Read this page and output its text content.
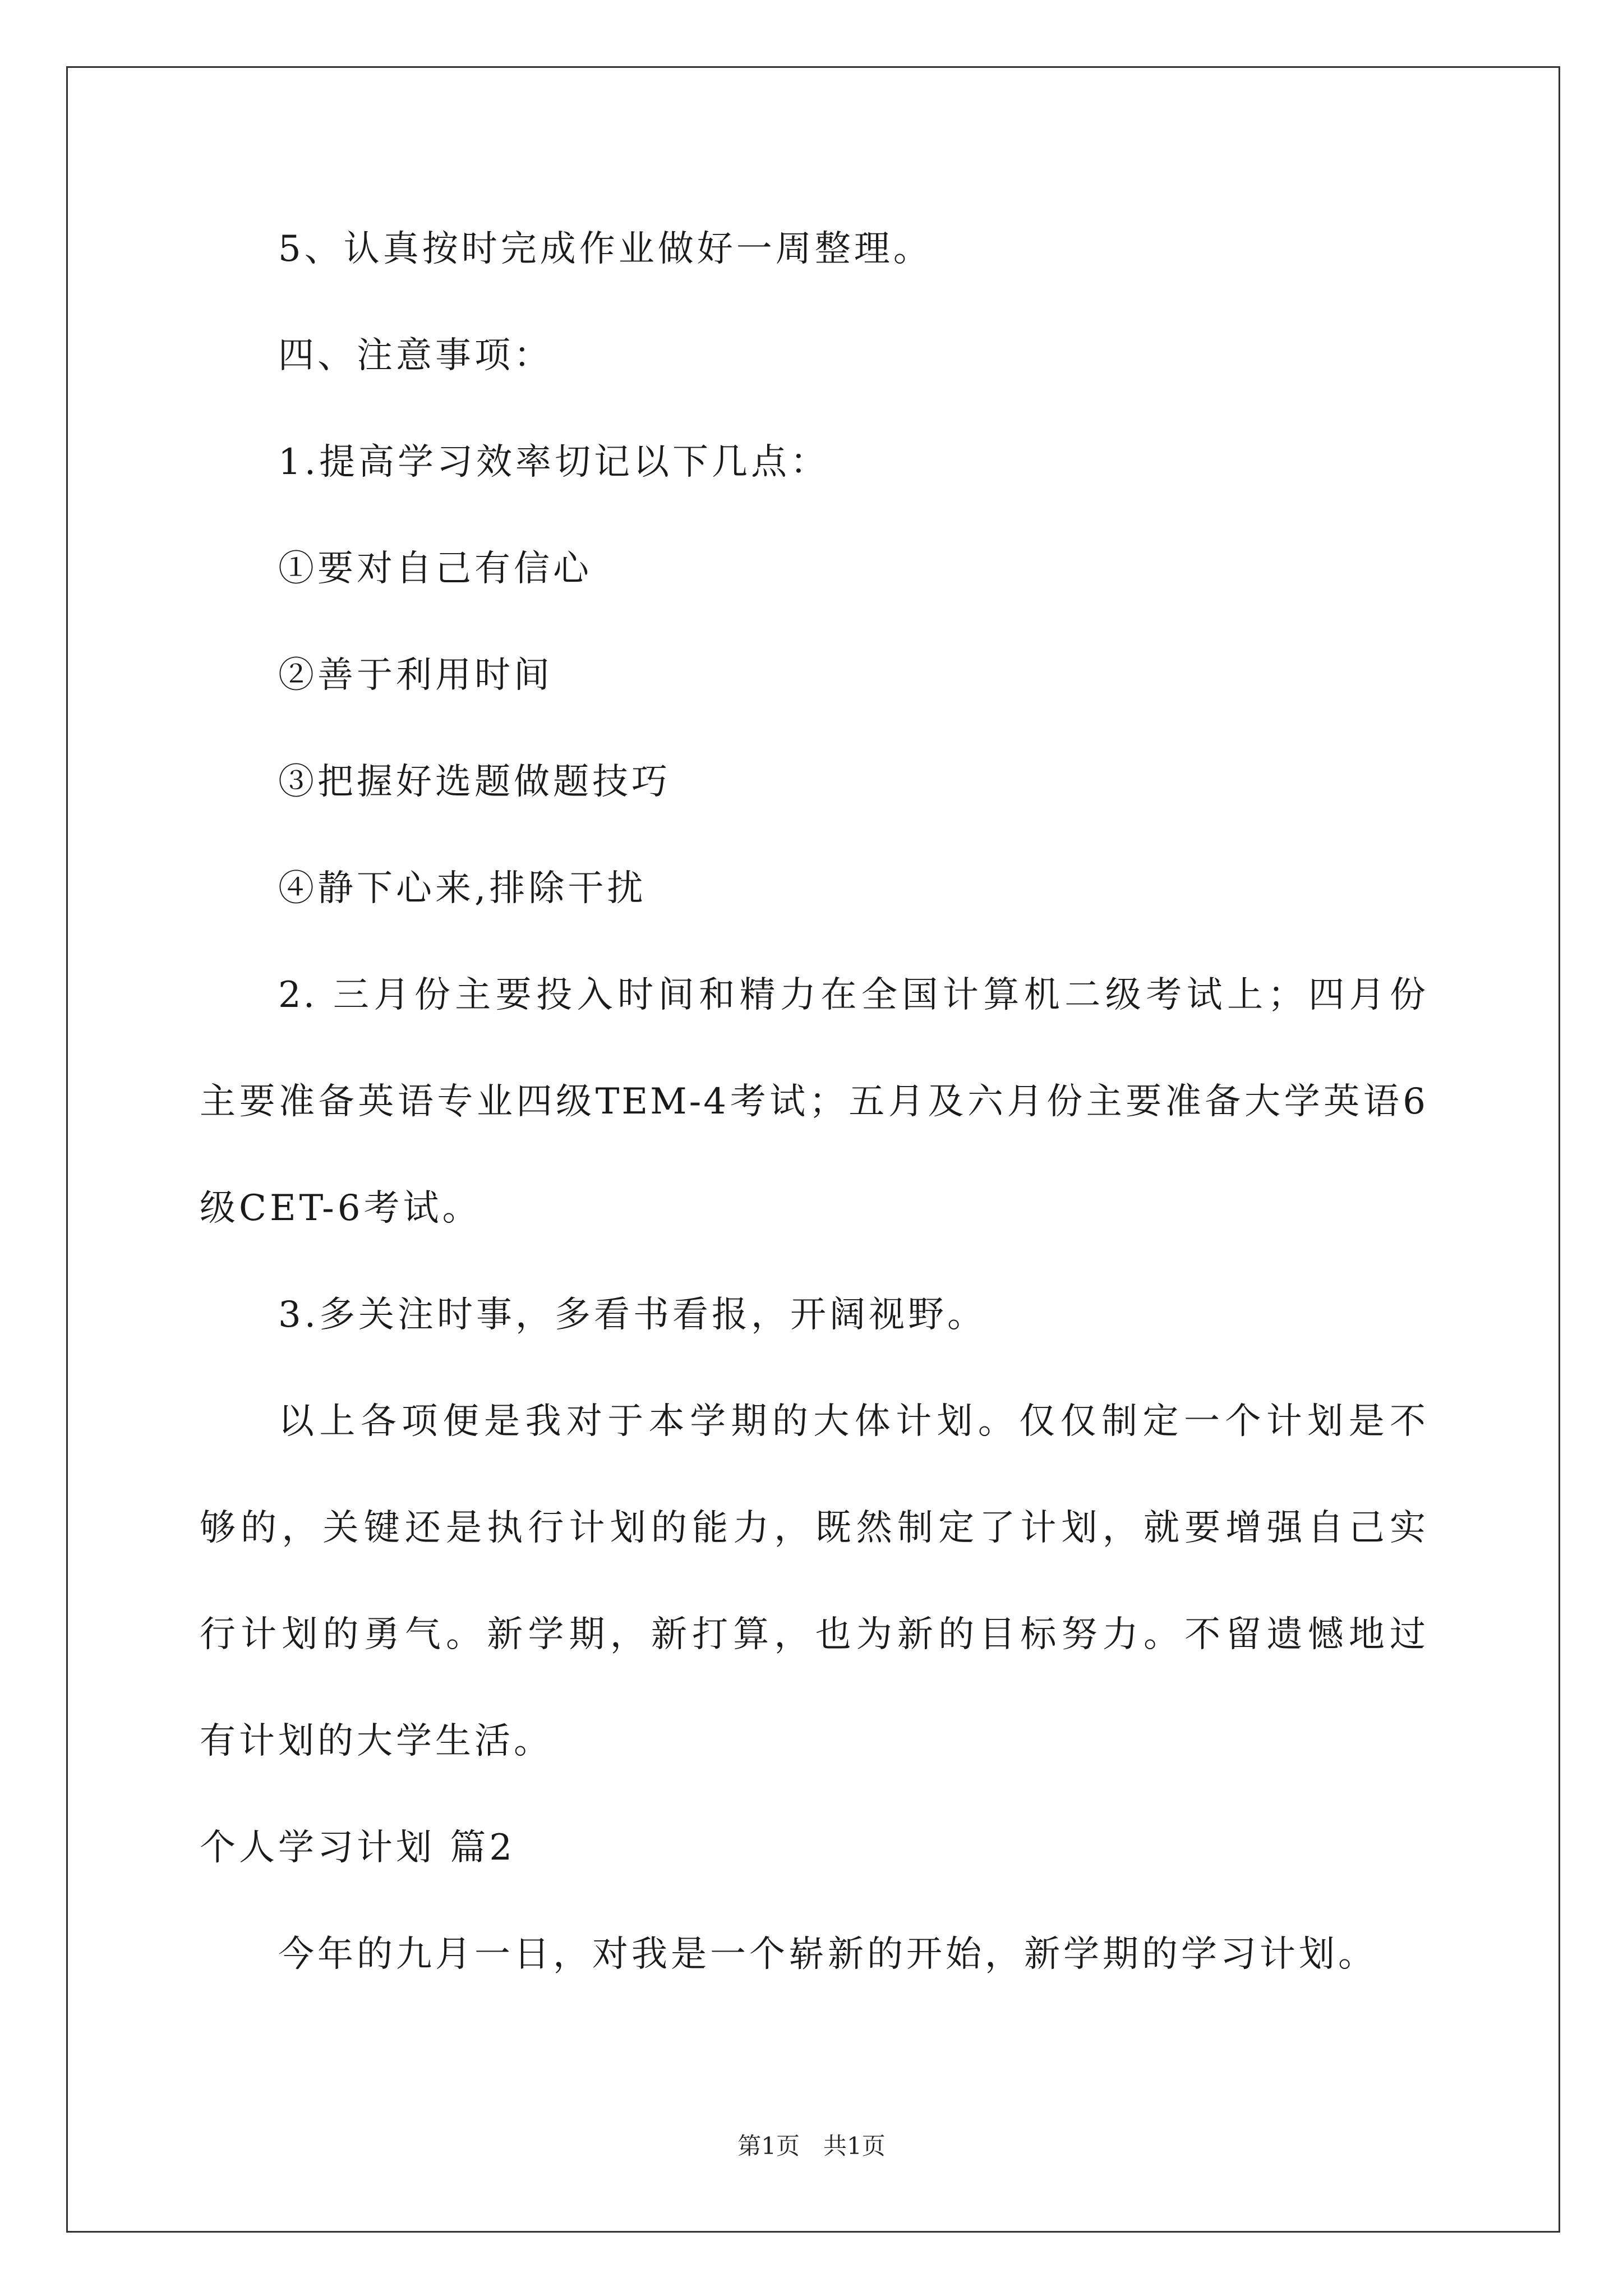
5、认真按时完成作业做好一周整理。

四、注意事项：

1.提高学习效率切记以下几点：

①要对自己有信心

②善于利用时间

③把握好选题做题技巧

④静下心来,排除干扰

2. 三月份主要投入时间和精力在全国计算机二级考试上；四月份

主要准备英语专业四级TEM-4考试；五月及六月份主要准备大学英语6

级CET-6考试。

3.多关注时事，多看书看报，开阔视野。

以上各项便是我对于本学期的大体计划。仅仅制定一个计划是不

够的，关键还是执行计划的能力，既然制定了计划，就要增强自己实

行计划的勇气。新学期，新打算，也为新的目标努力。不留遗憾地过

有计划的大学生活。

个人学习计划 篇2

今年的九月一日，对我是一个崭新的开始，新学期的学习计划。

第1页　共1页
